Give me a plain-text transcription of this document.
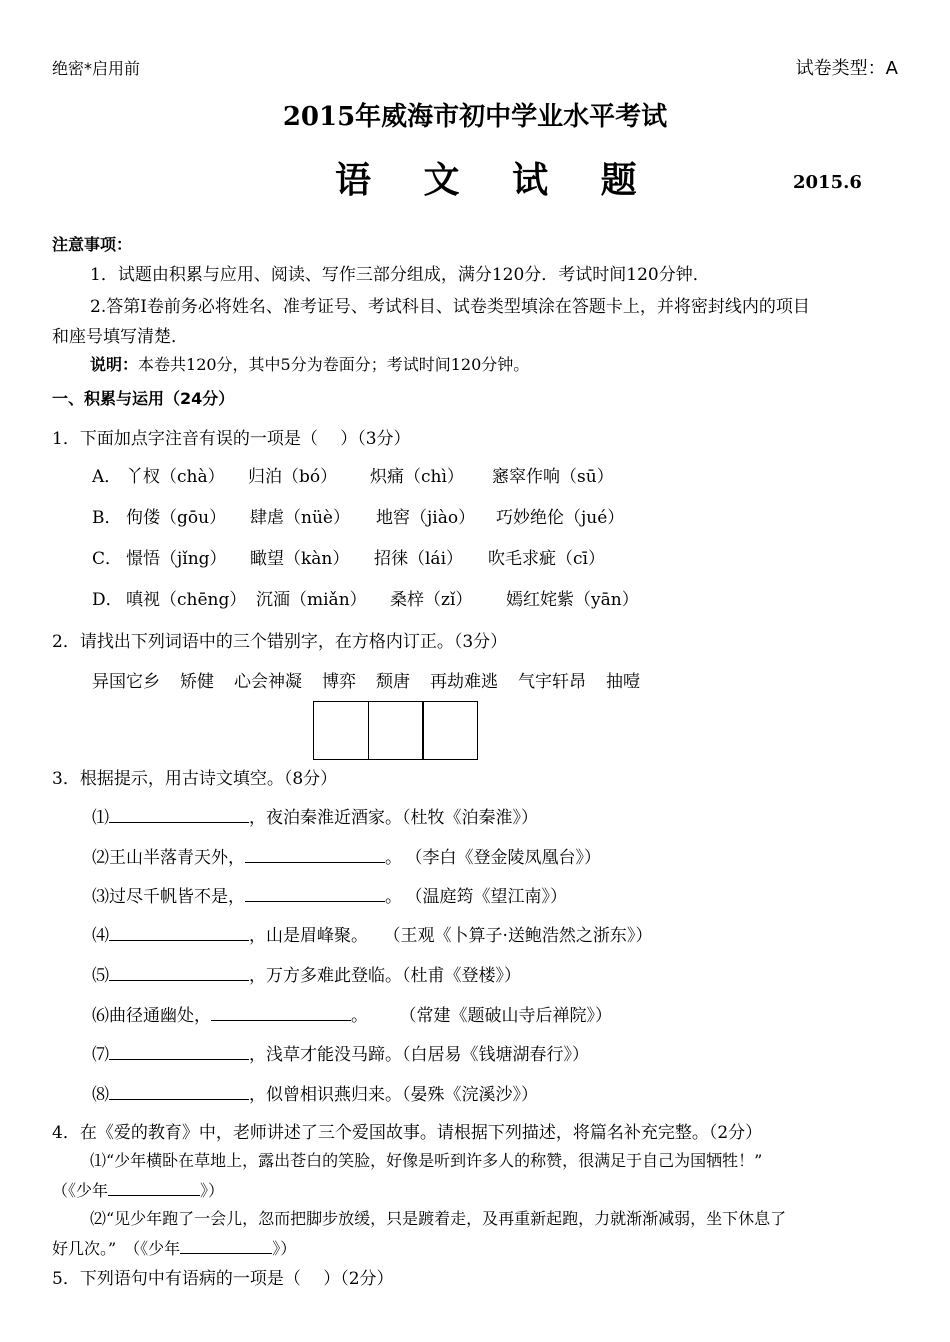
绝密*启用前	试卷类型：A
2015年威海市初中学业水平考试
语 文 试 题	2015.6
注意事项：
1．试题由积累与应用、阅读、写作三部分组成，满分120分．考试时间120分钟．
2.答第Ⅰ卷前务必将姓名、准考证号、考试科目、试卷类型填涂在答题卡上，并将密封线内的项目
和座号填写清楚．
说明：本卷共120分，其中5分为卷面分；考试时间120分钟。
一、积累与运用（24分）
1．下面加点字注音有误的一项是（　 ）（3分）
A． 丫杈（chà） 归泊（bó） 炽痛（chì） 窸窣作响（sū）
B． 佝偻（gōu） 肆虐（nüè） 地窖（jiào） 巧妙绝伦（jué）
C． 憬悟（jǐng） 瞰望（kàn） 招徕（lái） 吹毛求疵（cī）
D． 嗔视（chēng） 沉湎（miǎn） 桑梓（zǐ） 嫣红姹紫（yān）
2．请找出下列词语中的三个错别字，在方格内订正。（3分）
异国它乡 矫健 心会神凝 博弈 颓唐 再劫难逃 气宇轩昂 抽噎
3．根据提示，用古诗文填空。（8分）
⑴	，夜泊秦淮近酒家。（杜牧《泊秦淮》）
⑵王山半落青天外，	。 （李白《登金陵凤凰台》）
⑶过尽千帆皆不是，	。 （温庭筠《望江南》）
⑷	，山是眉峰聚。 （王观《卜算子·送鲍浩然之浙东》）
⑸	，万方多难此登临。（杜甫《登楼》）
⑹曲径通幽处，	。 （常建《题破山寺后禅院》）
⑺	，浅草才能没马蹄。（白居易《钱塘湖春行》）
⑻	，似曾相识燕归来。（晏殊《浣溪沙》）
4．在《爱的教育》中，老师讲述了三个爱国故事。请根据下列描述，将篇名补充完整。（2分）
⑴“少年横卧在草地上，露出苍白的笑脸，好像是听到许多人的称赞，很满足于自己为国牺牲！”
（《少年	》）
⑵“见少年跑了一会儿，忽而把脚步放缓，只是踱着走，及再重新起跑，力就渐渐减弱，坐下休息了
好几次。”　（《少年	》）
5．下列语句中有语病的一项是（　 ）（2分）
